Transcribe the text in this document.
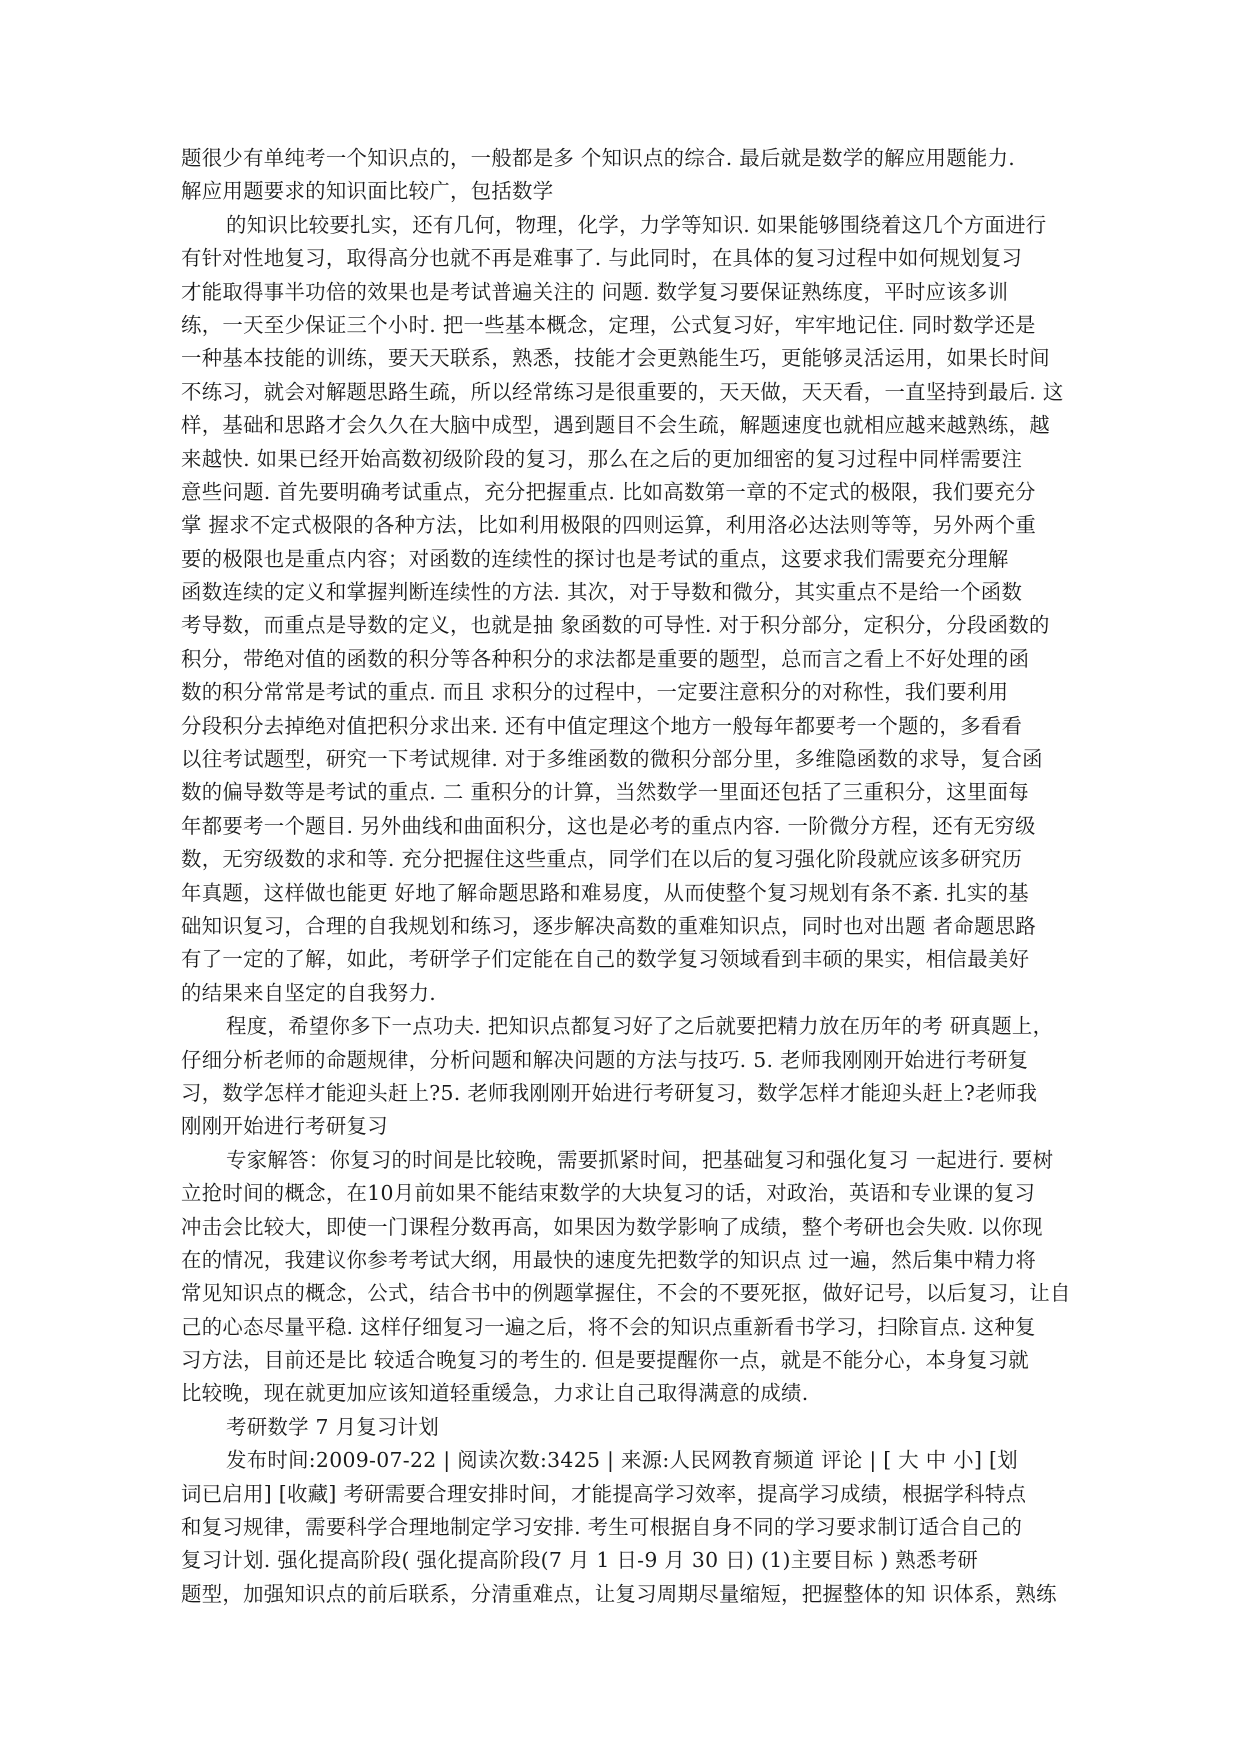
题很少有单纯考一个知识点的，一般都是多 个知识点的综合. 最后就是数学的解应用题能力.
解应用题要求的知识面比较广，包括数学
的知识比较要扎实，还有几何，物理，化学，力学等知识. 如果能够围绕着这几个方面进行
有针对性地复习，取得高分也就不再是难事了. 与此同时，在具体的复习过程中如何规划复习
才能取得事半功倍的效果也是考试普遍关注的 问题. 数学复习要保证熟练度，平时应该多训
练，一天至少保证三个小时. 把一些基本概念，定理，公式复习好，牢牢地记住. 同时数学还是
一种基本技能的训练，要天天联系，熟悉，技能才会更熟能生巧，更能够灵活运用，如果长时间
不练习，就会对解题思路生疏，所以经常练习是很重要的，天天做，天天看，一直坚持到最后. 这
样，基础和思路才会久久在大脑中成型，遇到题目不会生疏，解题速度也就相应越来越熟练，越
来越快. 如果已经开始高数初级阶段的复习，那么在之后的更加细密的复习过程中同样需要注
意些问题. 首先要明确考试重点，充分把握重点. 比如高数第一章的不定式的极限，我们要充分
掌 握求不定式极限的各种方法，比如利用极限的四则运算，利用洛必达法则等等，另外两个重
要的极限也是重点内容；对函数的连续性的探讨也是考试的重点，这要求我们需要充分理解
函数连续的定义和掌握判断连续性的方法. 其次，对于导数和微分，其实重点不是给一个函数
考导数，而重点是导数的定义，也就是抽 象函数的可导性. 对于积分部分，定积分，分段函数的
积分，带绝对值的函数的积分等各种积分的求法都是重要的题型，总而言之看上不好处理的函
数的积分常常是考试的重点. 而且 求积分的过程中，一定要注意积分的对称性，我们要利用
分段积分去掉绝对值把积分求出来. 还有中值定理这个地方一般每年都要考一个题的，多看看
以往考试题型，研究一下考试规律. 对于多维函数的微积分部分里，多维隐函数的求导，复合函
数的偏导数等是考试的重点. 二 重积分的计算，当然数学一里面还包括了三重积分，这里面每
年都要考一个题目. 另外曲线和曲面积分，这也是必考的重点内容. 一阶微分方程，还有无穷级
数，无穷级数的求和等. 充分把握住这些重点，同学们在以后的复习强化阶段就应该多研究历
年真题，这样做也能更 好地了解命题思路和难易度，从而使整个复习规划有条不紊. 扎实的基
础知识复习，合理的自我规划和练习，逐步解决高数的重难知识点，同时也对出题 者命题思路
有了一定的了解，如此，考研学子们定能在自己的数学复习领域看到丰硕的果实，相信最美好
的结果来自坚定的自我努力.
程度，希望你多下一点功夫. 把知识点都复习好了之后就要把精力放在历年的考 研真题上，
仔细分析老师的命题规律，分析问题和解决问题的方法与技巧. 5. 老师我刚刚开始进行考研复
习，数学怎样才能迎头赶上?5. 老师我刚刚开始进行考研复习，数学怎样才能迎头赶上?老师我
刚刚开始进行考研复习
专家解答：你复习的时间是比较晚，需要抓紧时间，把基础复习和强化复习 一起进行. 要树
立抢时间的概念，在10月前如果不能结束数学的大块复习的话，对政治，英语和专业课的复习
冲击会比较大，即使一门课程分数再高，如果因为数学影响了成绩，整个考研也会失败. 以你现
在的情况，我建议你参考考试大纲，用最快的速度先把数学的知识点 过一遍，然后集中精力将
常见知识点的概念，公式，结合书中的例题掌握住，不会的不要死抠，做好记号，以后复习，让自
己的心态尽量平稳. 这样仔细复习一遍之后，将不会的知识点重新看书学习，扫除盲点. 这种复
习方法，目前还是比 较适合晚复习的考生的. 但是要提醒你一点，就是不能分心，本身复习就
比较晚，现在就更加应该知道轻重缓急，力求让自己取得满意的成绩.
考研数学 7 月复习计划
发布时间:2009-07-22 | 阅读次数:3425 | 来源:人民网教育频道 评论 | [ 大 中 小] [划
词已启用] [收藏] 考研需要合理安排时间，才能提高学习效率，提高学习成绩，根据学科特点
和复习规律，需要科学合理地制定学习安排. 考生可根据自身不同的学习要求制订适合自己的
复习计划. 强化提高阶段( 强化提高阶段(7 月 1 日-9 月 30 日) (1)主要目标 ) 熟悉考研
题型，加强知识点的前后联系，分清重难点，让复习周期尽量缩短，把握整体的知 识体系，熟练
